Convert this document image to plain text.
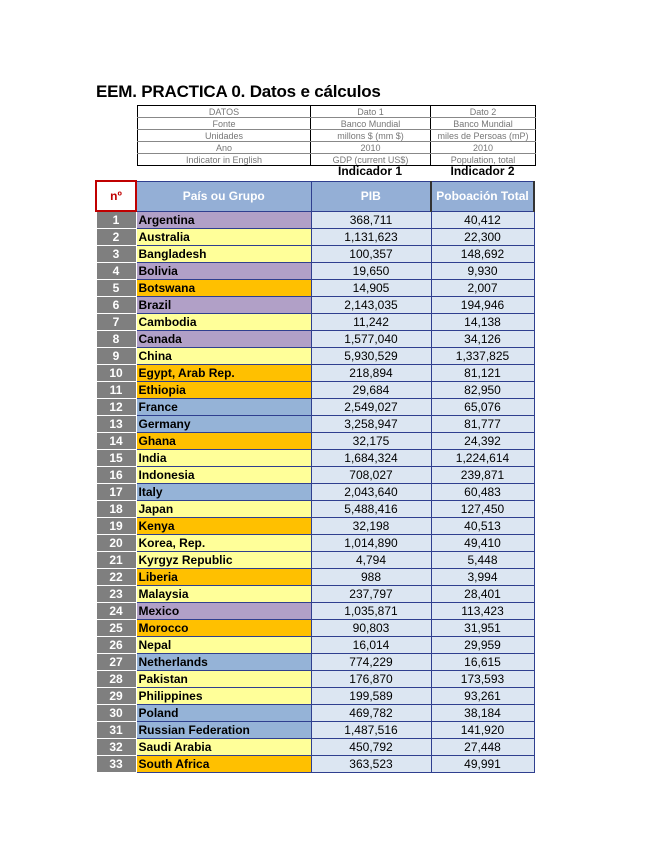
EEM. PRACTICA 0. Datos e cálculos
DATOS	Dato 1	Dato 2
Fonte	Banco Mundial	Banco Mundial
Unidades	millons $ (mm $)	miles de Persoas (mP)
Ano	2010	2010
Indicator in English	GDP (current US$)	Population, total
Indicador 1	Indicador 2
nº	País ou Grupo	PIB	Poboación Total
1	Argentina	368,711	40,412
2	Australia	1,131,623	22,300
3	Bangladesh	100,357	148,692
4	Bolivia	19,650	9,930
5	Botswana	14,905	2,007
6	Brazil	2,143,035	194,946
7	Cambodia	11,242	14,138
8	Canada	1,577,040	34,126
9	China	5,930,529	1,337,825
10	Egypt, Arab Rep.	218,894	81,121
11	Ethiopia	29,684	82,950
12	France	2,549,027	65,076
13	Germany	3,258,947	81,777
14	Ghana	32,175	24,392
15	India	1,684,324	1,224,614
16	Indonesia	708,027	239,871
17	Italy	2,043,640	60,483
18	Japan	5,488,416	127,450
19	Kenya	32,198	40,513
20	Korea, Rep.	1,014,890	49,410
21	Kyrgyz Republic	4,794	5,448
22	Liberia	988	3,994
23	Malaysia	237,797	28,401
24	Mexico	1,035,871	113,423
25	Morocco	90,803	31,951
26	Nepal	16,014	29,959
27	Netherlands	774,229	16,615
28	Pakistan	176,870	173,593
29	Philippines	199,589	93,261
30	Poland	469,782	38,184
31	Russian Federation	1,487,516	141,920
32	Saudi Arabia	450,792	27,448
33	South Africa	363,523	49,991
